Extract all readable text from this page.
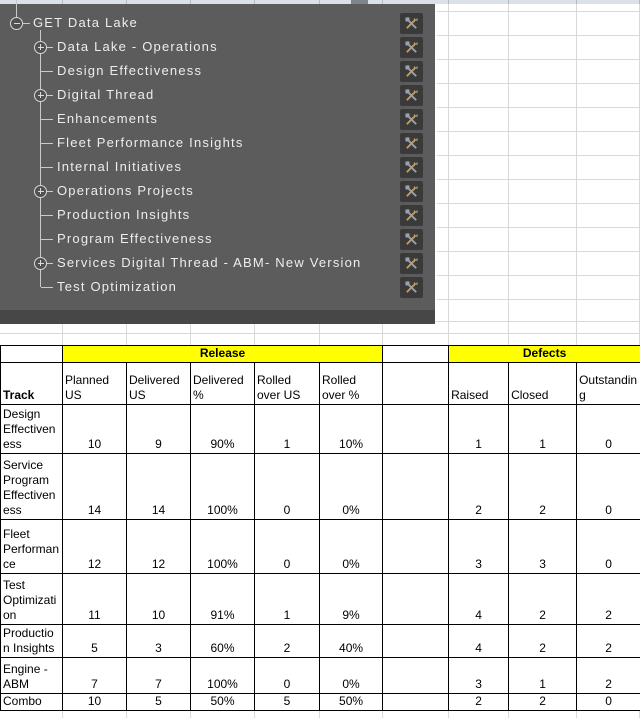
GET Data Lake
Data Lake - Operations
Design Effectiveness
Digital Thread
Enhancements
Fleet Performance Insights
Internal Initiatives
Operations Projects
Production Insights
Program Effectiveness
Services Digital Thread - ABM- New Version
Test Optimization
	Release						Defects		
Track	Planned US	Delivered US	Delivered %	Rolled over US	Rolled over %		Raised	Closed	Outstanding
Design Effectiveness	10	9	90%	1	10%		1	1	0
Service Program Effectiveness	14	14	100%	0	0%		2	2	0
Fleet Performance	12	12	100%	0	0%		3	3	0
Test Optimization	11	10	91%	1	9%		4	2	2
Production Insights	5	3	60%	2	40%		4	2	2
Engine - ABM	7	7	100%	0	0%		3	1	2
Combo	10	5	50%	5	50%		2	2	0
